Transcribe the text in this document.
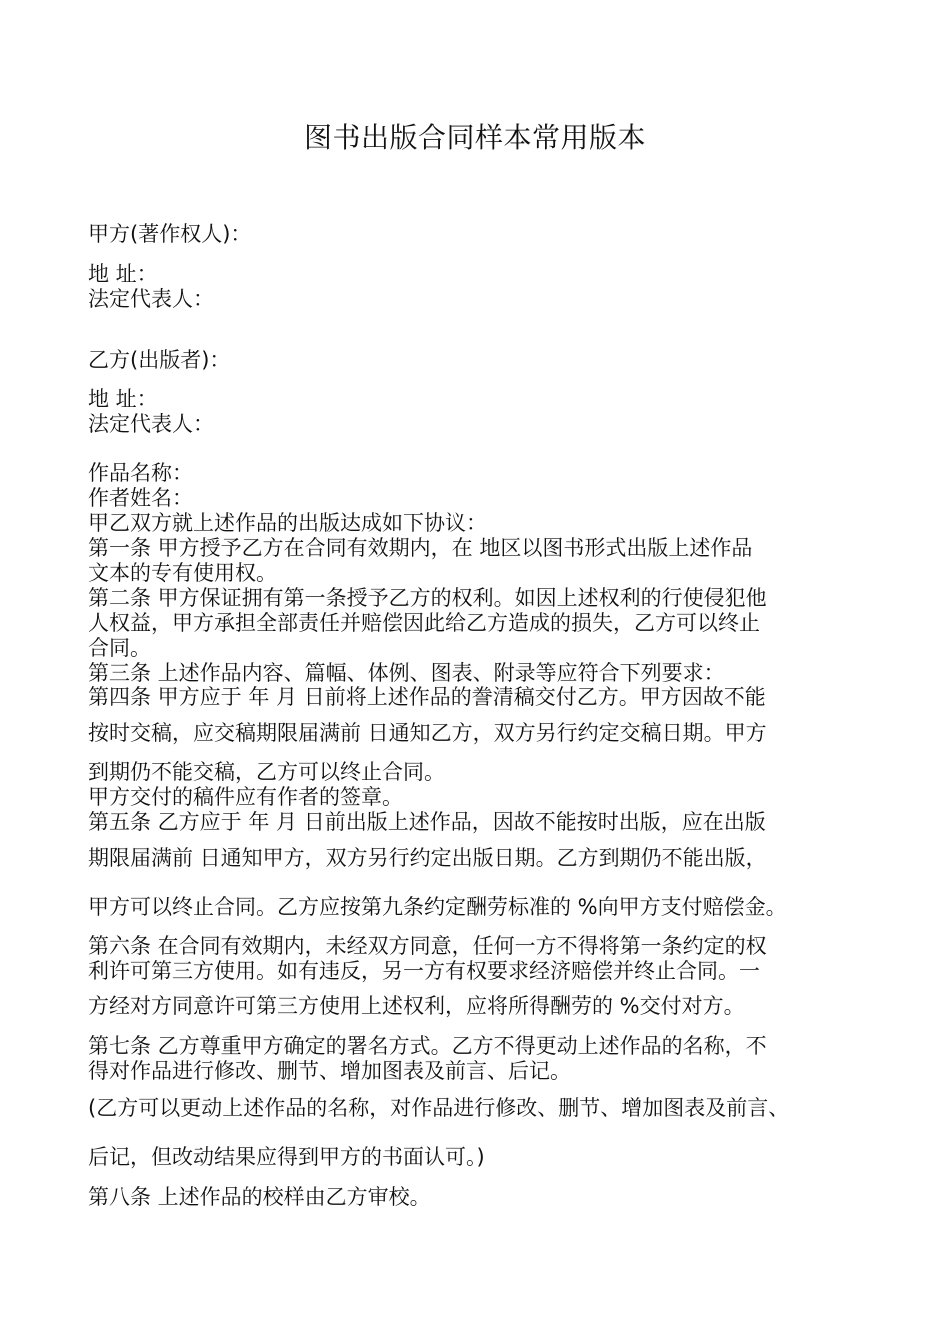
图书出版合同样本常用版本
甲方(著作权人)：
地 址：
法定代表人：
乙方(出版者)：
地 址：
法定代表人：
作品名称：
作者姓名：
甲乙双方就上述作品的出版达成如下协议：
第一条 甲方授予乙方在合同有效期内，在 地区以图书形式出版上述作品
文本的专有使用权。
第二条 甲方保证拥有第一条授予乙方的权利。如因上述权利的行使侵犯他
人权益，甲方承担全部责任并赔偿因此给乙方造成的损失，乙方可以终止
合同。
第三条 上述作品内容、篇幅、体例、图表、附录等应符合下列要求：
第四条 甲方应于 年 月 日前将上述作品的誊清稿交付乙方。甲方因故不能
按时交稿，应交稿期限届满前 日通知乙方，双方另行约定交稿日期。甲方
到期仍不能交稿，乙方可以终止合同。
甲方交付的稿件应有作者的签章。
第五条 乙方应于 年 月 日前出版上述作品，因故不能按时出版，应在出版
期限届满前 日通知甲方，双方另行约定出版日期。乙方到期仍不能出版，
甲方可以终止合同。乙方应按第九条约定酬劳标准的 %向甲方支付赔偿金。
第六条 在合同有效期内，未经双方同意，任何一方不得将第一条约定的权
利许可第三方使用。如有违反，另一方有权要求经济赔偿并终止合同。一
方经对方同意许可第三方使用上述权利，应将所得酬劳的 %交付对方。
第七条 乙方尊重甲方确定的署名方式。乙方不得更动上述作品的名称，不
得对作品进行修改、删节、增加图表及前言、后记。
(乙方可以更动上述作品的名称，对作品进行修改、删节、增加图表及前言、
后记，但改动结果应得到甲方的书面认可。)
第八条 上述作品的校样由乙方审校。
